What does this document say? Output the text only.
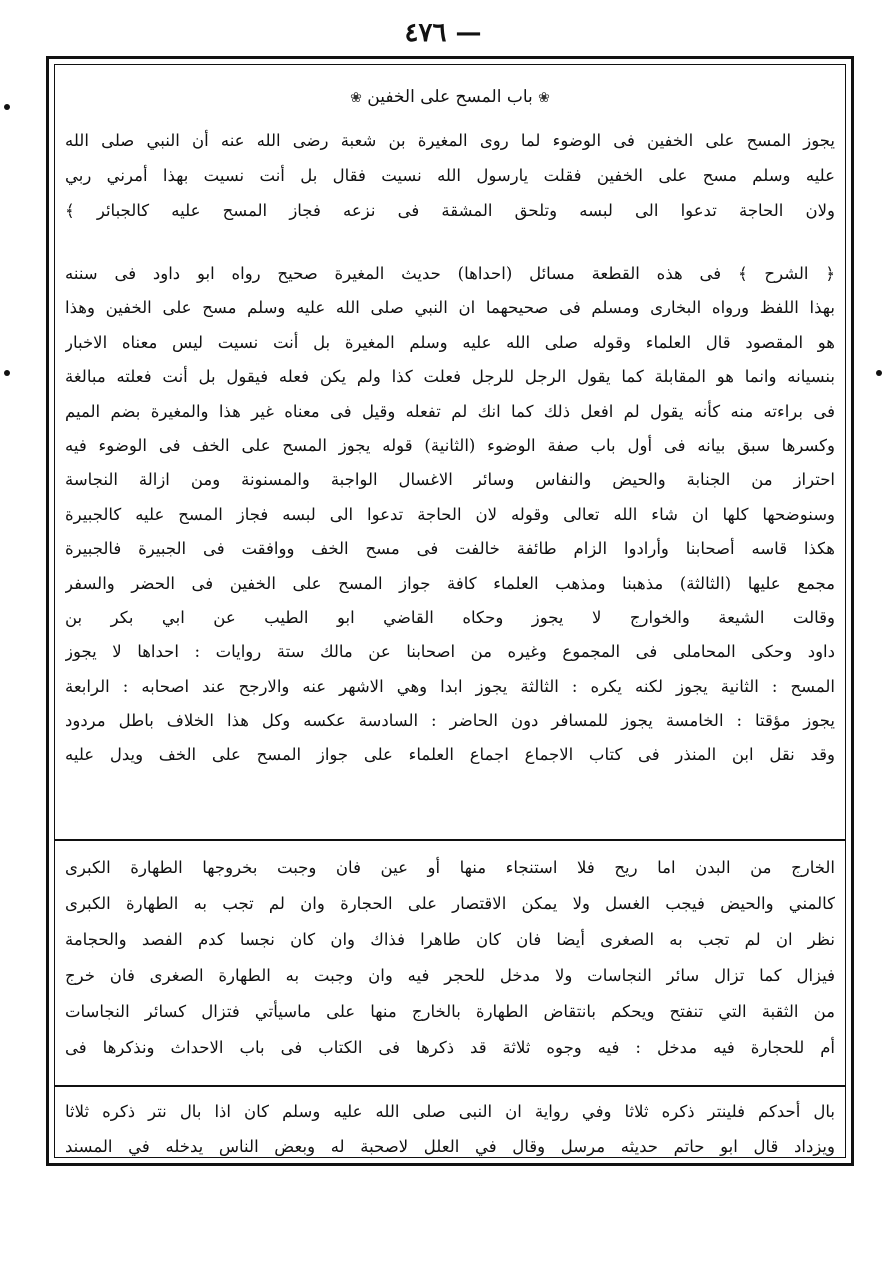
٤٧٦ —
❀ باب المسح على الخفين ❀
يجوز المسح على الخفين فى الوضوء لما روى المغيرة بن شعبة رضى الله عنه أن النبي صلى الله
عليه وسلم مسح على الخفين فقلت يارسول الله نسيت فقال بل أنت نسيت بهذا أمرني ربي
ولان الحاجة تدعوا الى لبسه وتلحق المشقة فى نزعه فجاز المسح عليه كالجبائر ﴾
﴿ الشرح ﴾ فى هذه القطعة مسائل (احداها) حديث المغيرة صحيح رواه ابو داود فى سننه
بهذا اللفظ ورواه البخارى ومسلم فى صحيحهما ان النبي صلى الله عليه وسلم مسح على الخفين وهذا
هو المقصود قال العلماء وقوله صلى الله عليه وسلم المغيرة بل أنت نسيت ليس معناه الاخبار
بنسيانه وانما هو المقابلة كما يقول الرجل للرجل فعلت كذا ولم يكن فعله فيقول بل أنت فعلته مبالغة
فى براءته منه كأنه يقول لم افعل ذلك كما انك لم تفعله وقيل فى معناه غير هذا والمغيرة بضم الميم
وكسرها سبق بيانه فى أول باب صفة الوضوء (الثانية) قوله يجوز المسح على الخف فى الوضوء فيه
احتراز من الجنابة والحيض والنفاس وسائر الاغسال الواجبة والمسنونة ومن ازالة النجاسة
وسنوضحها كلها ان شاء الله تعالى وقوله لان الحاجة تدعوا الى لبسه فجاز المسح عليه كالجبيرة
هكذا قاسه أصحابنا وأرادوا الزام طائفة خالفت فى مسح الخف ووافقت فى الجبيرة فالجبيرة
مجمع عليها (الثالثة) مذهبنا ومذهب العلماء كافة جواز المسح على الخفين فى الحضر والسفر
وقالت الشيعة والخوارج لا يجوز وحكاه القاضي ابو الطيب عن ابي بكر بن
داود وحكى المحاملى فى المجموع وغيره من اصحابنا عن مالك ستة روايات : احداها لا يجوز
المسح : الثانية يجوز لكنه يكره : الثالثة يجوز ابدا وهي الاشهر عنه والارجح عند اصحابه : الرابعة
يجوز مؤقتا : الخامسة يجوز للمسافر دون الحاضر : السادسة عكسه وكل هذا الخلاف باطل مردود
وقد نقل ابن المنذر فى كتاب الاجماع اجماع العلماء على جواز المسح على الخف ويدل عليه
الخارج من البدن اما ريح فلا استنجاء منها أو عين فان وجبت بخروجها الطهارة الكبرى
كالمني والحيض فيجب الغسل ولا يمكن الاقتصار على الحجارة وان لم تجب به الطهارة الكبرى
نظر ان لم تجب به الصغرى أيضا فان كان طاهرا فذاك وان كان نجسا كدم الفصد والحجامة
فيزال كما تزال سائر النجاسات ولا مدخل للحجر فيه وان وجبت به الطهارة الصغرى فان خرج
من الثقبة التي تنفتح ويحكم بانتقاض الطهارة بالخارج منها على ماسيأتي فتزال كسائر النجاسات
أم للحجارة فيه مدخل : فيه وجوه ثلاثة قد ذكرها فى الكتاب فى باب الاحداث ونذكرها فى
بال أحدكم فلينتر ذكره ثلاثا وفي رواية ان النبى صلى الله عليه وسلم كان اذا بال نتر ذكره ثلاثا
ويزداد قال ابو حاتم حديثه مرسل وقال في العلل لاصحبة له وبعض الناس يدخله في المسند
